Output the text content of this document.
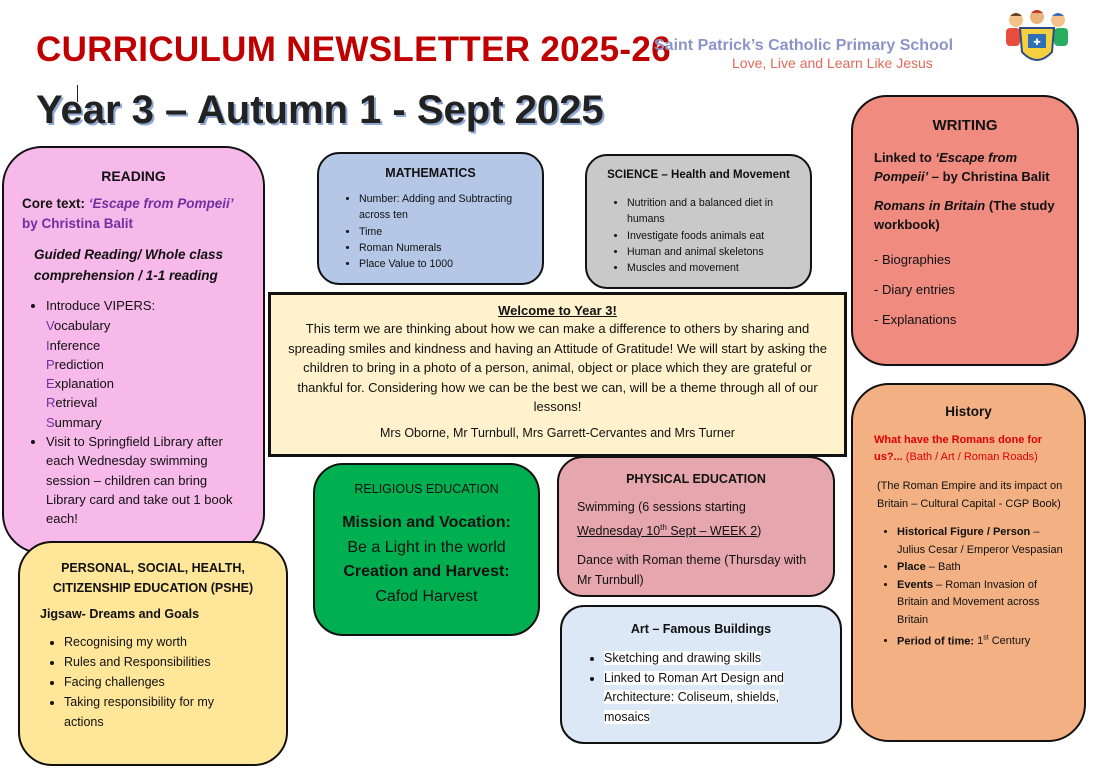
CURRICULUM NEWSLETTER 2025-26
Year 3 – Autumn 1 - Sept 2025
Saint Patrick’s Catholic Primary School
Love, Live and Learn Like Jesus
✚
READING
Core text: ‘Escape from Pompeii’
by Christina Balit
Guided Reading/ Whole class comprehension / 1-1 reading
• Introduce VIPERS:
Vocabulary
Inference
Prediction
Explanation
Retrieval
Summary
• Visit to Springfield Library after each Wednesday swimming session – children can bring Library card and take out 1 book each!
MATHEMATICS
• Number: Adding and Subtracting across ten
• Time
• Roman Numerals
• Place Value to 1000
SCIENCE – Health and Movement
• Nutrition and a balanced diet in humans
• Investigate foods animals eat
• Human and animal skeletons
• Muscles and movement
WRITING
Linked to ‘Escape from Pompeii’ – by Christina Balit
Romans in Britain (The study workbook)
- Biographies
- Diary entries
- Explanations
Welcome to Year 3!
This term we are thinking about how we can make a difference to others by sharing and spreading smiles and kindness and having an Attitude of Gratitude! We will start by asking the children to bring in a photo of a person, animal, object or place which they are grateful or thankful for. Considering how we can be the best we can, will be a theme through all of our lessons!
Mrs Oborne, Mr Turnbull, Mrs Garrett-Cervantes and Mrs Turner
History
What have the Romans done for us?... (Bath / Art / Roman Roads)
(The Roman Empire and its impact on Britain – Cultural Capital - CGP Book)
• Historical Figure / Person – Julius Cesar / Emperor Vespasian
• Place – Bath
• Events – Roman Invasion of Britain and Movement across Britain
• Period of time: 1st Century
RELIGIOUS EDUCATION
Mission and Vocation:
Be a Light in the world
Creation and Harvest:
Cafod Harvest
PHYSICAL EDUCATION
Swimming (6 sessions starting
Wednesday 10th Sept – WEEK 2)
Dance with Roman theme (Thursday with Mr Turnbull)
PERSONAL, SOCIAL, HEALTH, CITIZENSHIP EDUCATION (PSHE)
Jigsaw- Dreams and Goals
• Recognising my worth
• Rules and Responsibilities
• Facing challenges
• Taking responsibility for my actions
Art – Famous Buildings
• Sketching and drawing skills
• Linked to Roman Art Design and Architecture: Coliseum, shields, mosaics
